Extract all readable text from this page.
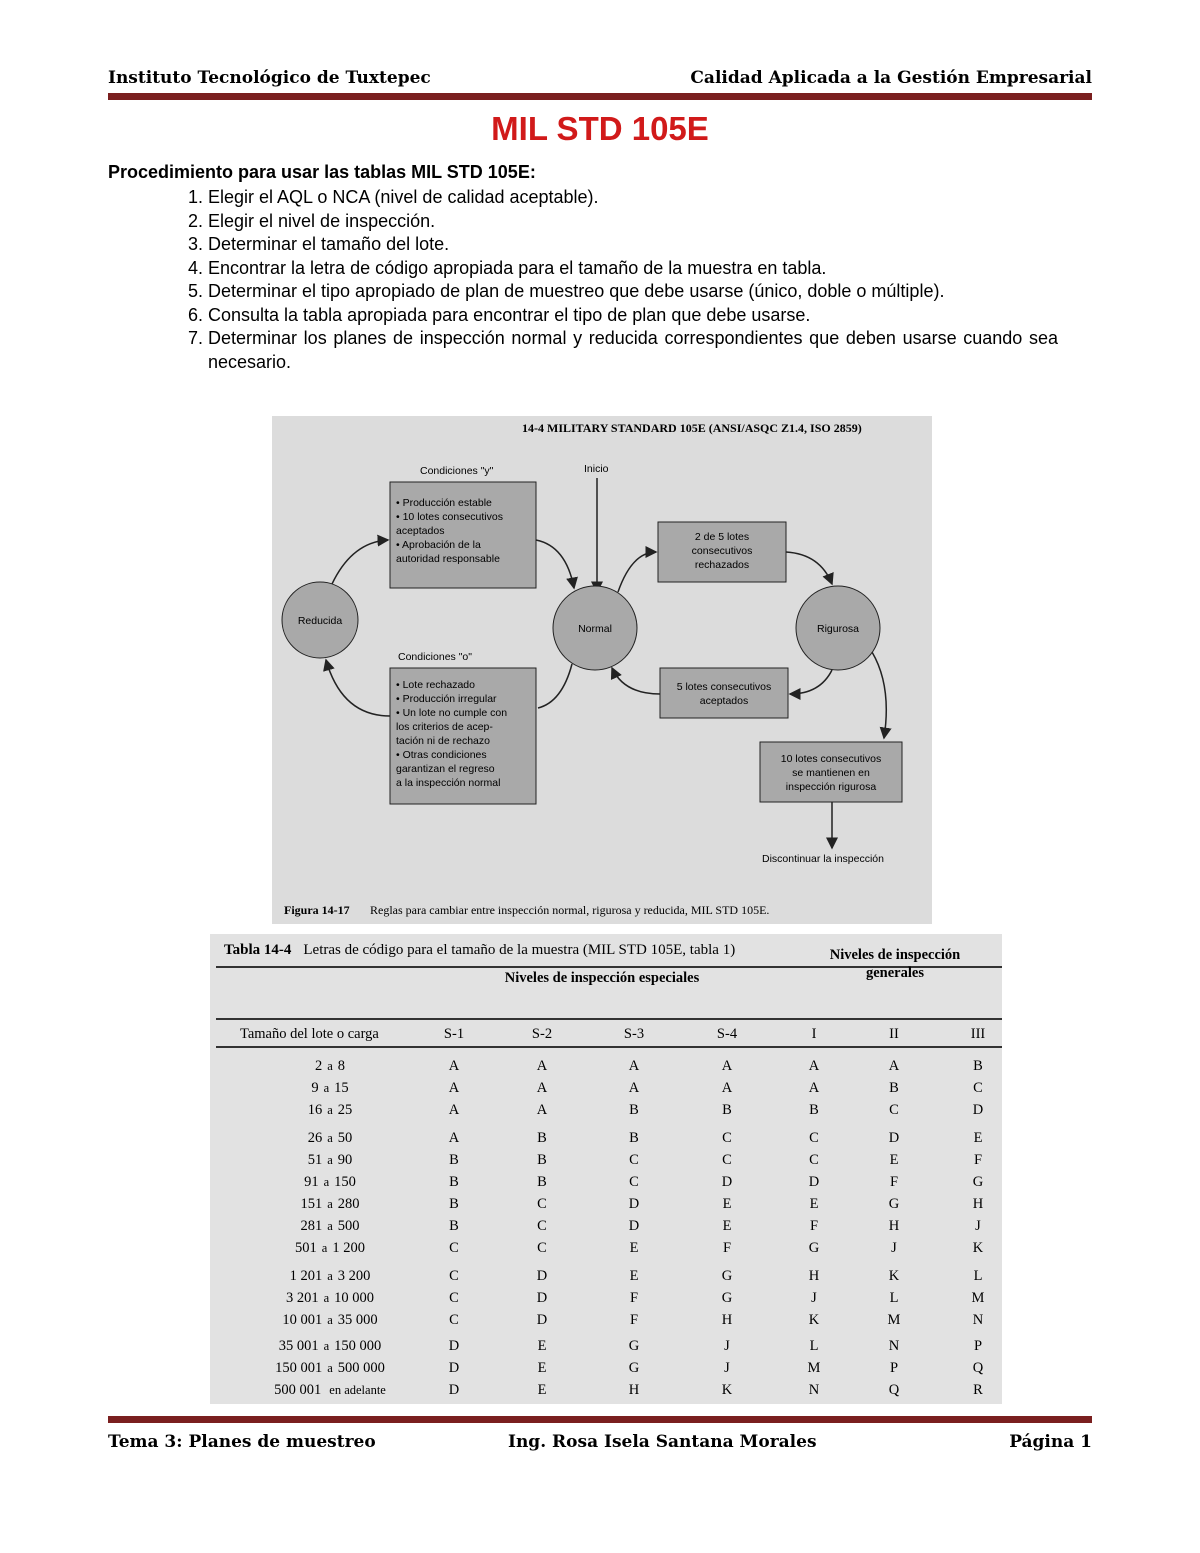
Instituto Tecnológico de Tuxtepec	Calidad Aplicada a la Gestión Empresarial
MIL STD 105E
Procedimiento para usar las tablas MIL STD 105E:
1. Elegir el AQL o NCA (nivel de calidad aceptable).
2. Elegir el nivel de inspección.
3. Determinar el tamaño del lote.
4. Encontrar la letra de código apropiada para el tamaño de la muestra en tabla.
5. Determinar el tipo apropiado de plan de muestreo que debe usarse (único, doble o múltiple).
6. Consulta la tabla apropiada para encontrar el tipo de plan que debe usarse.
7. Determinar los planes de inspección normal y reducida correspondientes que deben usarse cuando sea necesario.
14-4 MILITARY STANDARD 105E (ANSI/ASQC Z1.4, ISO 2859)
Condiciones "y"
• Producción estable
• 10 lotes consecutivos
aceptados
• Aprobación de la
autoridad responsable
Inicio
2 de 5 lotes
consecutivos
rechazados
Reducida
Normal	Rigurosa
Condiciones "o"
• Lote rechazado
• Producción irregular
• Un lote no cumple con
los criterios de acep-
tación ni de rechazo
• Otras condiciones
garantizan el regreso
a la inspección normal
5 lotes consecutivos
aceptados
10 lotes consecutivos
se mantienen en
inspección rigurosa
Discontinuar la inspección
Figura 14-17 Reglas para cambiar entre inspección normal, rigurosa y reducida, MIL STD 105E.
Tabla 14-4 Letras de código para el tamaño de la muestra (MIL STD 105E, tabla 1)	Niveles de inspección
generales
Niveles de inspección especiales
Tamaño del lote o carga	S-1	S-2	S-3	S-4	I	II	III
2 a 8	A	A	A	A	A	A	B
9 a 15	A	A	A	A	A	B	C
16 a 25	A	A	B	B	B	C	D
26 a 50	A	B	B	C	C	D	E
51 a 90	B	B	C	C	C	E	F
91 a 150	B	B	C	D	D	F	G
151 a 280	B	C	D	E	E	G	H
281 a 500	B	C	D	E	F	H	J
501 a 1 200	C	C	E	F	G	J	K
1 201 a 3 200	C	D	E	G	H	K	L
3 201 a 10 000	C	D	F	G	J	L	M
10 001 a 35 000	C	D	F	H	K	M	N
35 001 a 150 000	D	E	G	J	L	N	P
150 001 a 500 000	D	E	G	J	M	P	Q
500 001 en adelante	D	E	H	K	N	Q	R
Tema 3: Planes de muestreo	Ing. Rosa Isela Santana Morales	Página 1
